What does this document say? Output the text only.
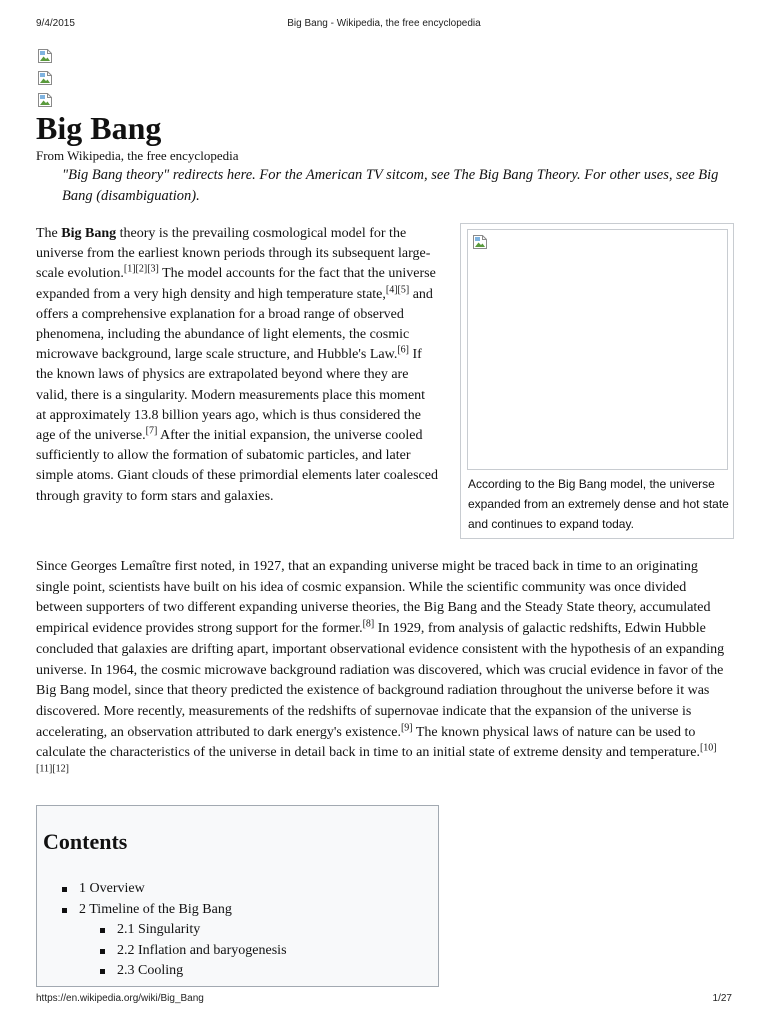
9/4/2015	Big Bang - Wikipedia, the free encyclopedia
Big Bang
From Wikipedia, the free encyclopedia
"Big Bang theory" redirects here. For the American TV sitcom, see The Big Bang Theory. For other uses, see Big Bang (disambiguation).
The Big Bang theory is the prevailing cosmological model for the universe from the earliest known periods through its subsequent large-scale evolution.[1][2][3] The model accounts for the fact that the universe expanded from a very high density and high temperature state,[4][5] and offers a comprehensive explanation for a broad range of observed phenomena, including the abundance of light elements, the cosmic microwave background, large scale structure, and Hubble's Law.[6] If the known laws of physics are extrapolated beyond where they are valid, there is a singularity. Modern measurements place this moment at approximately 13.8 billion years ago, which is thus considered the age of the universe.[7] After the initial expansion, the universe cooled sufficiently to allow the formation of subatomic particles, and later simple atoms. Giant clouds of these primordial elements later coalesced through gravity to form stars and galaxies.
According to the Big Bang model, the universe expanded from an extremely dense and hot state and continues to expand today.
Since Georges Lemaître first noted, in 1927, that an expanding universe might be traced back in time to an originating single point, scientists have built on his idea of cosmic expansion. While the scientific community was once divided between supporters of two different expanding universe theories, the Big Bang and the Steady State theory, accumulated empirical evidence provides strong support for the former.[8] In 1929, from analysis of galactic redshifts, Edwin Hubble concluded that galaxies are drifting apart, important observational evidence consistent with the hypothesis of an expanding universe. In 1964, the cosmic microwave background radiation was discovered, which was crucial evidence in favor of the Big Bang model, since that theory predicted the existence of background radiation throughout the universe before it was discovered. More recently, measurements of the redshifts of supernovae indicate that the expansion of the universe is accelerating, an observation attributed to dark energy's existence.[9] The known physical laws of nature can be used to calculate the characteristics of the universe in detail back in time to an initial state of extreme density and temperature.[10][11][12]
Contents
1 Overview
2 Timeline of the Big Bang
2.1 Singularity
2.2 Inflation and baryogenesis
2.3 Cooling
https://en.wikipedia.org/wiki/Big_Bang	1/27
